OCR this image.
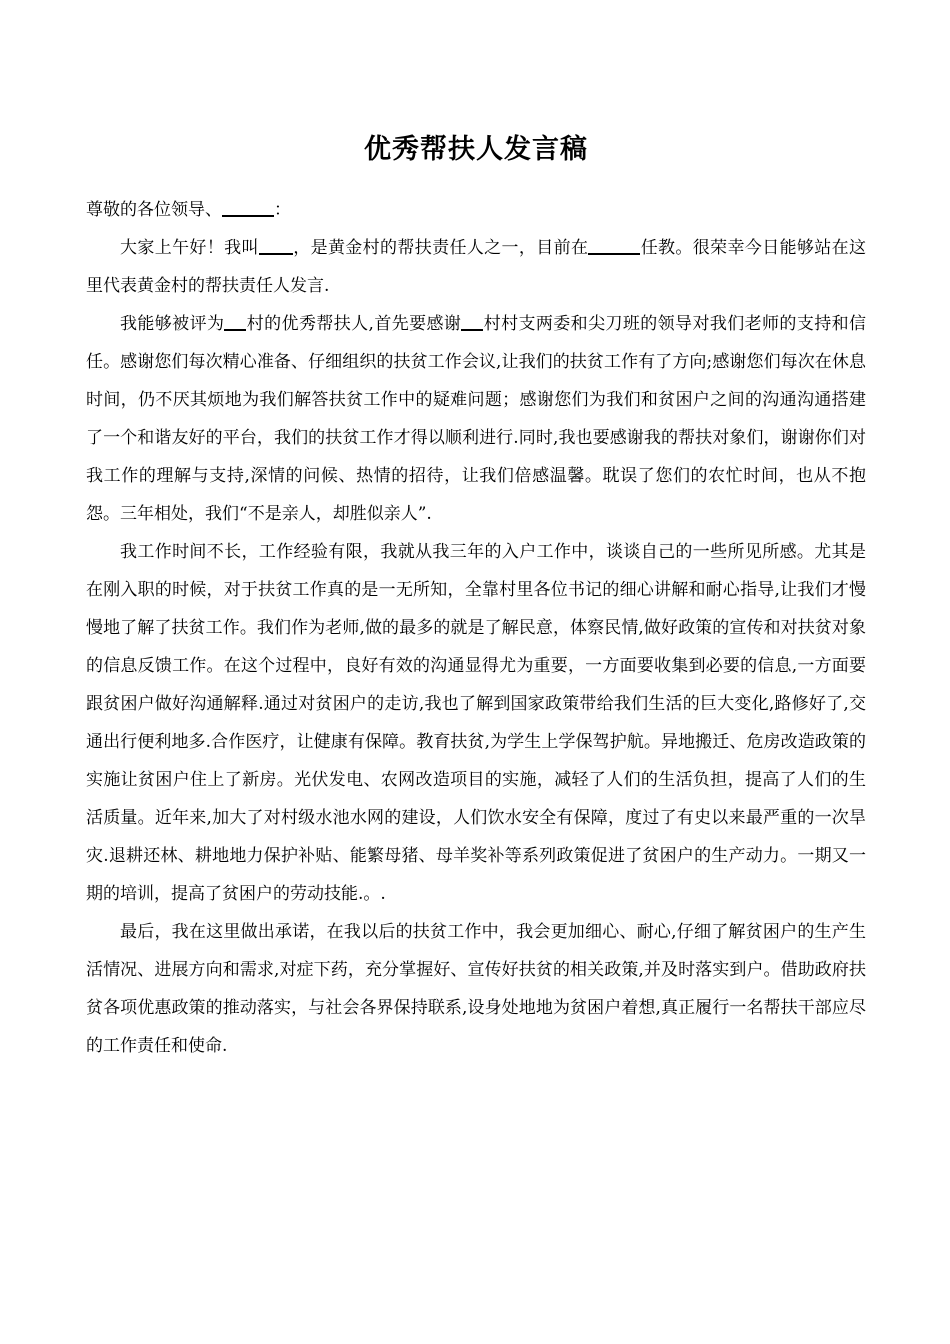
优秀帮扶人发言稿

尊敬的各位领导、	：

大家上午好！我叫 ，是黄金村的帮扶责任人之一，目前在	任教。很荣幸今日能够站在这里代表黄金村的帮扶责任人发言.

我能够被评为 村的优秀帮扶人,首先要感谢 村村支两委和尖刀班的领导对我们老师的支持和信任。感谢您们每次精心准备、仔细组织的扶贫工作会议,让我们的扶贫工作有了方向;感谢您们每次在休息时间，仍不厌其烦地为我们解答扶贫工作中的疑难问题；感谢您们为我们和贫困户之间的沟通沟通搭建了一个和谐友好的平台，我们的扶贫工作才得以顺利进行.同时,我也要感谢我的帮扶对象们，谢谢你们对我工作的理解与支持,深情的问候、热情的招待，让我们倍感温馨。耽误了您们的农忙时间，也从不抱怨。三年相处，我们“不是亲人，却胜似亲人”.

我工作时间不长，工作经验有限，我就从我三年的入户工作中，谈谈自己的一些所见所感。尤其是在刚入职的时候，对于扶贫工作真的是一无所知，全靠村里各位书记的细心讲解和耐心指导,让我们才慢慢地了解了扶贫工作。我们作为老师,做的最多的就是了解民意，体察民情,做好政策的宣传和对扶贫对象的信息反馈工作。在这个过程中，良好有效的沟通显得尤为重要，一方面要收集到必要的信息,一方面要跟贫困户做好沟通解释.通过对贫困户的走访,我也了解到国家政策带给我们生活的巨大变化,路修好了,交通出行便利地多.合作医疗，让健康有保障。教育扶贫,为学生上学保驾护航。异地搬迁、危房改造政策的实施让贫困户住上了新房。光伏发电、农网改造项目的实施，减轻了人们的生活负担，提高了人们的生活质量。近年来,加大了对村级水池水网的建设，人们饮水安全有保障，度过了有史以来最严重的一次旱灾.退耕还林、耕地地力保护补贴、能繁母猪、母羊奖补等系列政策促进了贫困户的生产动力。一期又一期的培训，提高了贫困户的劳动技能.。.

最后，我在这里做出承诺，在我以后的扶贫工作中，我会更加细心、耐心,仔细了解贫困户的生产生活情况、进展方向和需求,对症下药，充分掌握好、宣传好扶贫的相关政策,并及时落实到户。借助政府扶贫各项优惠政策的推动落实，与社会各界保持联系,设身处地地为贫困户着想,真正履行一名帮扶干部应尽的工作责任和使命.
